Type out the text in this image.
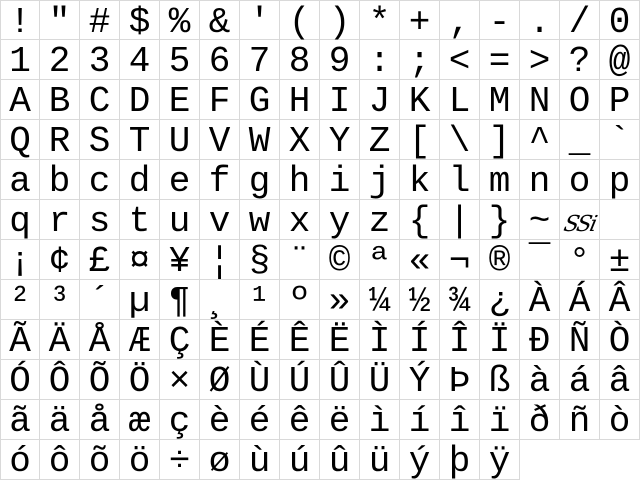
! " # $ % & ' ( ) * + , - . / 0
1 2 3 4 5 6 7 8 9 : ; < = > ? @
A B C D E F G H I J K L M N O P
Q R S T U V W X Y Z [ \ ] ^ _ `
a b c d e f g h i j k l m n o p
q r s t u v w x y z { | } ~ SSi
¡ ¢ £ ¤ ¥ ¦ § ¨ © ª « ¬ ® ¯ ° ±
² ³ ´ µ ¶ ¸ ¹ º » ¼ ½ ¾ ¿ À Á Â
Ã Ä Å Æ Ç È É Ê Ë Ì Í Î Ï Ð Ñ Ò
Ó Ô Õ Ö × Ø Ù Ú Û Ü Ý Þ ß à á â
ã ä å æ ç è é ê ë ì í î ï ð ñ ò
ó ô õ ö ÷ ø ù ú û ü ý þ ÿ
